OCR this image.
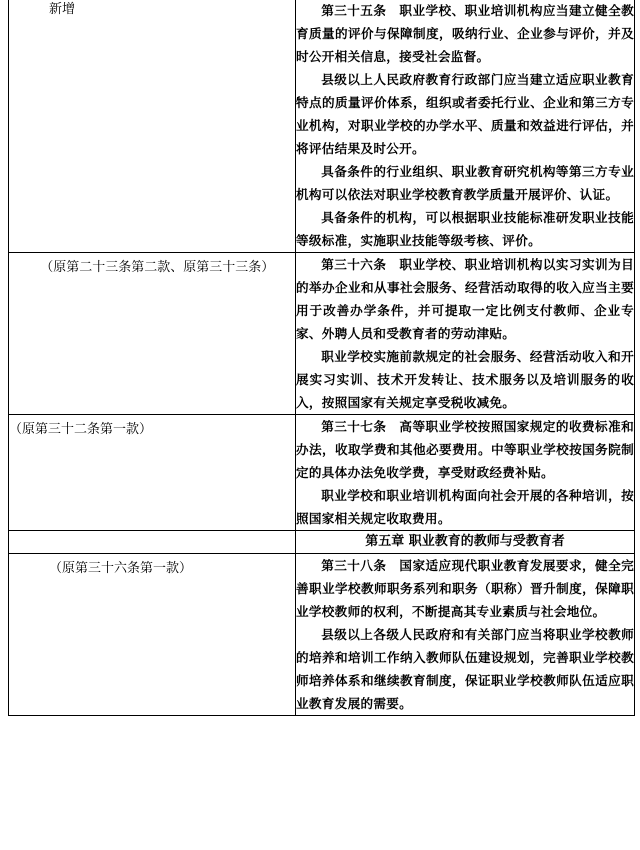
新增	第三十五条　职业学校、职业培训机构应当建立健全教育质量的评价与保障制度，吸纳行业、企业参与评价，并及时公开相关信息，接受社会监督。

县级以上人民政府教育行政部门应当建立适应职业教育特点的质量评价体系，组织或者委托行业、企业和第三方专业机构，对职业学校的办学水平、质量和效益进行评估，并将评估结果及时公开。

具备条件的行业组织、职业教育研究机构等第三方专业机构可以依法对职业学校教育教学质量开展评价、认证。

具备条件的机构，可以根据职业技能标准研发职业技能等级标准，实施职业技能等级考核、评价。

（原第二十三条第二款、原第三十三条）	第三十六条　职业学校、职业培训机构以实习实训为目的举办企业和从事社会服务、经营活动取得的收入应当主要用于改善办学条件，并可提取一定比例支付教师、企业专家、外聘人员和受教育者的劳动津贴。

职业学校实施前款规定的社会服务、经营活动收入和开展实习实训、技术开发转让、技术服务以及培训服务的收入，按照国家有关规定享受税收减免。

（原第三十二条第一款）	第三十七条　高等职业学校按照国家规定的收费标准和办法，收取学费和其他必要费用。中等职业学校按国务院制定的具体办法免收学费，享受财政经费补贴。

职业学校和职业培训机构面向社会开展的各种培训，按照国家相关规定收取费用。

	第五章 职业教育的教师与受教育者
（原第三十六条第一款）	第三十八条　国家适应现代职业教育发展要求，健全完善职业学校教师职务系列和职务（职称）晋升制度，保障职业学校教师的权利，不断提高其专业素质与社会地位。

县级以上各级人民政府和有关部门应当将职业学校教师的培养和培训工作纳入教师队伍建设规划，完善职业学校教师培养体系和继续教育制度，保证职业学校教师队伍适应职业教育发展的需要。
